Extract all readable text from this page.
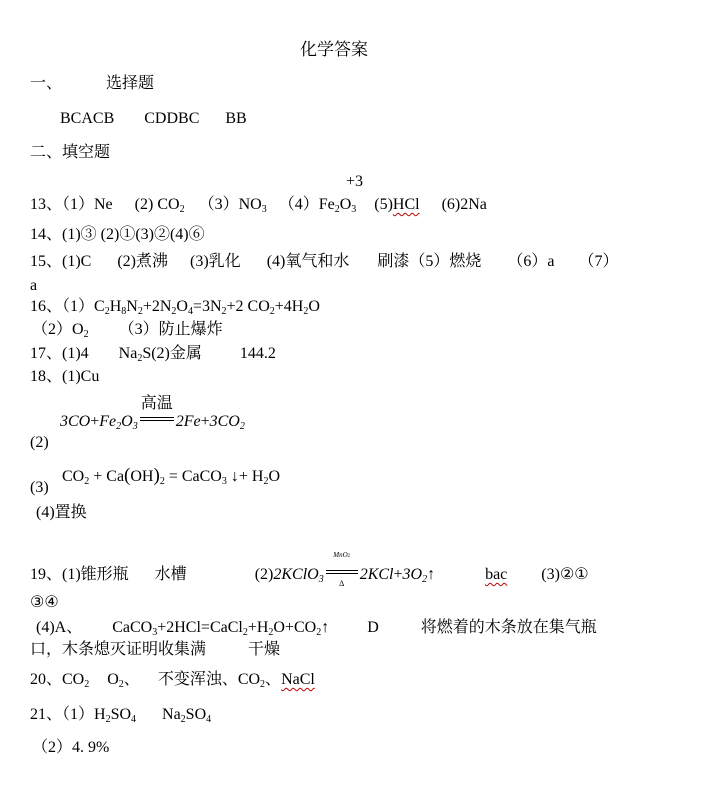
化学答案
一、	选择题
BCACB CDDBC BB
二、填空题
+3
13、（1）Ne (2) $CO_2$ $(3)NO_3$ $(4)Fe_2O_3$ (5)HCl (6)2Na
14、(1)③ (2)①(3)②(4)⑥
15、(1)C (2)煮沸 (3)乳化 (4)氧气和水 刷漆（5）燃烧 （6）a （7）
a
16、$(1)C_2H_8N_2+2N_2O_4=3N_2+2$ $CO_2+4H_2O$
$(2)O_2$ （3）防止爆炸
17、(1)4 $Na_2S(2)$金属 144.2
18、(1)Cu
$3CO+Fe_2O_3$
高温
$2Fe+3CO_2$
(2)
$CO_2 + Ca(OH)_2$ = CaCO$_3$ ↓+ $H_2O$
(3)
(4)置换
19、(1)锥形瓶 水槽	(2)2KClO$_3$
MnO2
Δ
$2KCl+3O_2↑$	bac (3)②①
③④
(4)A、 $CaCO_3+2HCl=CaCl_2+H_2O+CO_2↑$ D	将燃着的木条放在集气瓶
口，木条熄灭证明收集满	干燥
20、$CO_2$ $O_2$、 不变浑浊、$CO_2$、NaCl
21、$(1)H_2SO_4$ $Na_2SO_4$
（2）4. 9%
